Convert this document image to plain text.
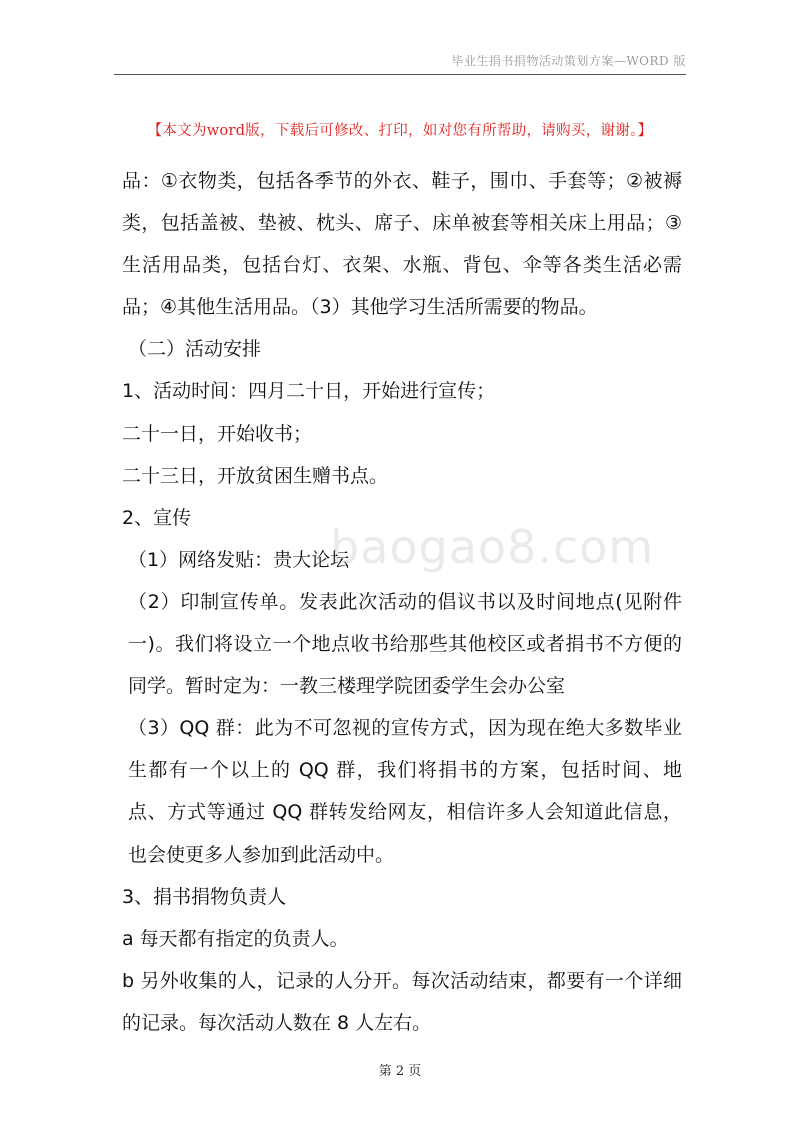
毕业生捐书捐物活动策划方案—WORD 版
【本文为word版，下载后可修改、打印，如对您有所帮助，请购买，谢谢。】
baogao8.com

品：①衣物类，包括各季节的外衣、鞋子，围巾、手套等；②被褥类，包括盖被、垫被、枕头、席子、床单被套等相关床上用品；③生活用品类，包括台灯、衣架、水瓶、背包、伞等各类生活必需品；④其他生活用品。（3）其他学习生活所需要的物品。

（二）活动安排

1、活动时间：四月二十日，开始进行宣传；

二十一日，开始收书；

二十三日，开放贫困生赠书点。

2、宣传

（1）网络发贴：贵大论坛

（2）印制宣传单。发表此次活动的倡议书以及时间地点(见附件一)。我们将设立一个地点收书给那些其他校区或者捐书不方便的同学。暂时定为：一教三楼理学院团委学生会办公室

（3）QQ 群：此为不可忽视的宣传方式，因为现在绝大多数毕业生都有一个以上的 QQ 群，我们将捐书的方案，包括时间、地点、方式等通过 QQ 群转发给网友，相信许多人会知道此信息，也会使更多人参加到此活动中。

3、捐书捐物负责人

a 每天都有指定的负责人。

b 另外收集的人，记录的人分开。每次活动结束，都要有一个详细的记录。每次活动人数在 8 人左右。

第 2 页
